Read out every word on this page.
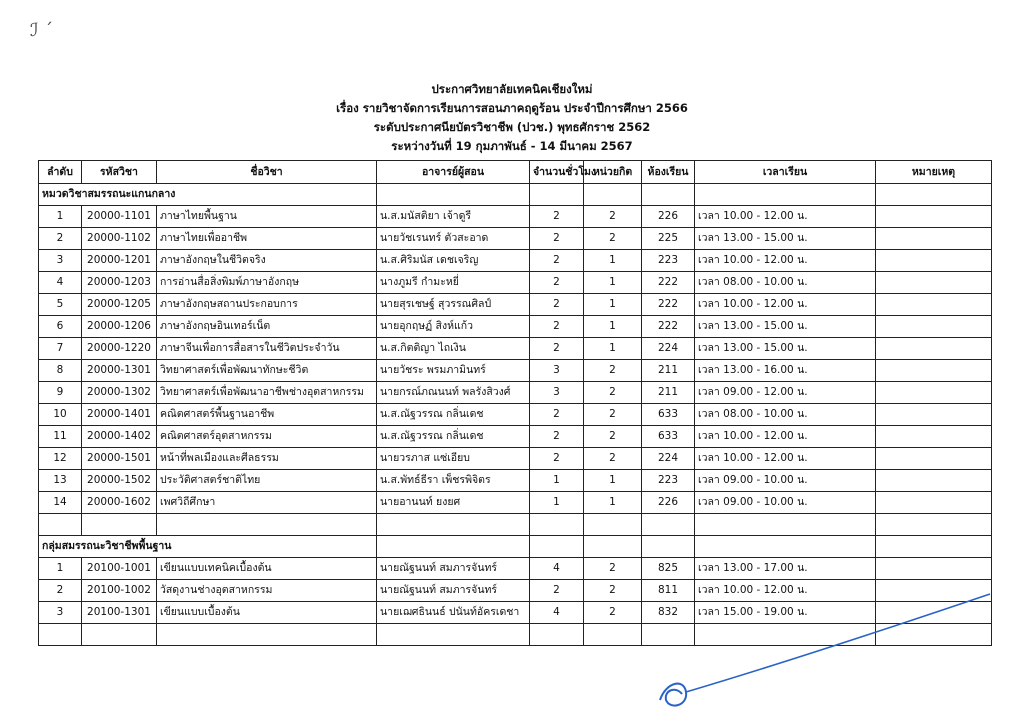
ℐ ˊ
ประกาศวิทยาลัยเทคนิคเชียงใหม่
เรื่อง รายวิชาจัดการเรียนการสอนภาคฤดูร้อน ประจำปีการศึกษา 2566
ระดับประกาศนียบัตรวิชาชีพ (ปวช.) พุทธศักราช 2562
ระหว่างวันที่ 19 กุมภาพันธ์ - 14 มีนาคม 2567
ลำดับ	รหัสวิชา	ชื่อวิชา	อาจารย์ผู้สอน	จำนวนชั่วโมง	หน่วยกิต	ห้องเรียน	เวลาเรียน	หมายเหตุ
หมวดวิชาสมรรถนะแกนกลาง								
1	20000-1101	ภาษาไทยพื้นฐาน	น.ส.มนัสติยา เจ้าดูรี	2	2	226	เวลา 10.00 - 12.00 น.	
2	20000-1102	ภาษาไทยเพื่ออาชีพ	นายวัชเรนทร์ ตัวสะอาด	2	2	225	เวลา 13.00 - 15.00 น.	
3	20000-1201	ภาษาอังกฤษในชีวิตจริง	น.ส.ศิริมนัส เดชเจริญ	2	1	223	เวลา 10.00 - 12.00 น.	
4	20000-1203	การอ่านสื่อสิ่งพิมพ์ภาษาอังกฤษ	นางภูมรี กำมะหยี่	2	1	222	เวลา 08.00 - 10.00 น.	
5	20000-1205	ภาษาอังกฤษสถานประกอบการ	นายสุรเชษฐ์ สุวรรณศิลป์	2	1	222	เวลา 10.00 - 12.00 น.	
6	20000-1206	ภาษาอังกฤษอินเทอร์เน็ต	นายอุกฤษฏ์ สิงห์แก้ว	2	1	222	เวลา 13.00 - 15.00 น.	
7	20000-1220	ภาษาจีนเพื่อการสื่อสารในชีวิตประจำวัน	น.ส.กิตติญา ไถเงิน	2	1	224	เวลา 13.00 - 15.00 น.	
8	20000-1301	วิทยาศาสตร์เพื่อพัฒนาทักษะชีวิต	นายวัชระ พรมภามินทร์	3	2	211	เวลา 13.00 - 16.00 น.	
9	20000-1302	วิทยาศาสตร์เพื่อพัฒนาอาชีพช่างอุตสาหกรรม	นายกรณ์ภณนนท์ พลรังสิวงศ์	3	2	211	เวลา 09.00 - 12.00 น.	
10	20000-1401	คณิตศาสตร์พื้นฐานอาชีพ	น.ส.ณัฐวรรณ กลิ่นเดช	2	2	633	เวลา 08.00 - 10.00 น.	
11	20000-1402	คณิตศาสตร์อุตสาหกรรม	น.ส.ณัฐวรรณ กลิ่นเดช	2	2	633	เวลา 10.00 - 12.00 น.	
12	20000-1501	หน้าที่พลเมืองและศีลธรรม	นายวรภาส แซ่เอียบ	2	2	224	เวลา 10.00 - 12.00 น.	
13	20000-1502	ประวัติศาสตร์ชาติไทย	น.ส.พัทธ์ธีรา เพ็ชรพิจิตร	1	1	223	เวลา 09.00 - 10.00 น.	
14	20000-1602	เพศวิถีศึกษา	นายอานนท์ ยงยศ	1	1	226	เวลา 09.00 - 10.00 น.	

กลุ่มสมรรถนะวิชาชีพพื้นฐาน								
1	20100-1001	เขียนแบบเทคนิคเบื้องต้น	นายณัฐนนท์ สมภารจันทร์	4	2	825	เวลา 13.00 - 17.00 น.	
2	20100-1002	วัสดุงานช่างอุตสาหกรรม	นายณัฐนนท์ สมภารจันทร์	2	2	811	เวลา 10.00 - 12.00 น.	
3	20100-1301	เขียนแบบเบื้องต้น	นายเฌศธินนธ์ ปนันท์อัครเดชา	4	2	832	เวลา 15.00 - 19.00 น.	
